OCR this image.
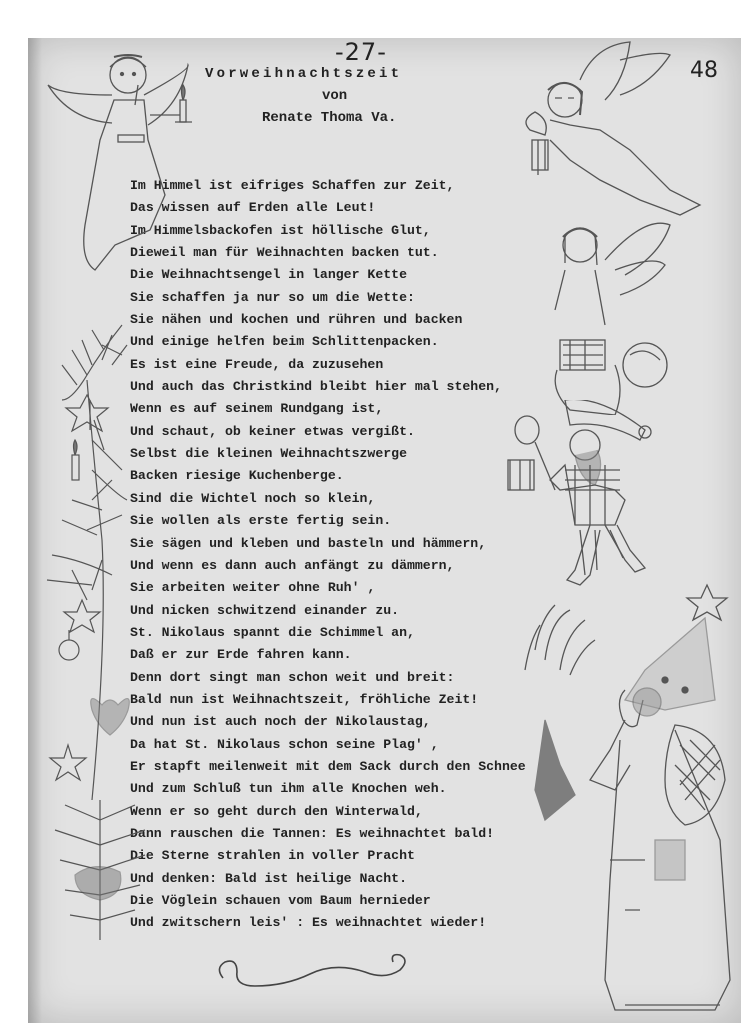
-27-
48
Vorweihnachtszeit
von
Renate Thoma Va.
Im Himmel ist eifriges Schaffen zur Zeit,
Das wissen auf Erden alle Leut!
Im Himmelsbackofen ist höllische Glut,
Dieweil man für Weihnachten backen tut.
Die Weihnachtsengel in langer Kette
Sie schaffen ja nur so um die Wette:
Sie nähen und kochen und rühren und backen
Und einige helfen beim Schlittenpacken.
Es ist eine Freude, da zuzusehen
Und auch das Christkind bleibt hier mal stehen,
Wenn es auf seinem Rundgang ist,
Und schaut, ob keiner etwas vergißt.
Selbst die kleinen Weihnachtszwerge
Backen riesige Kuchenberge.
Sind die Wichtel noch so klein,
Sie wollen als erste fertig sein.
Sie sägen und kleben und basteln und hämmern,
Und wenn es dann auch anfängt zu dämmern,
Sie arbeiten weiter ohne Ruh' ,
Und nicken schwitzend einander zu.
St. Nikolaus spannt die Schimmel an,
Daß er zur Erde fahren kann.
Denn dort singt man schon weit und breit:
Bald nun ist Weihnachtszeit, fröhliche Zeit!
Und nun ist auch noch der Nikolaustag,
Da hat St. Nikolaus schon seine Plag' ,
Er stapft meilenweit mit dem Sack durch den Schnee
Und zum Schluß tun ihm alle Knochen weh.
Wenn er so geht durch den Winterwald,
Dann rauschen die Tannen: Es weihnachtet bald!
Die Sterne strahlen in voller Pracht
Und denken: Bald ist heilige Nacht.
Die Vöglein schauen vom Baum hernieder
Und zwitschern leis' : Es weihnachtet wieder!
